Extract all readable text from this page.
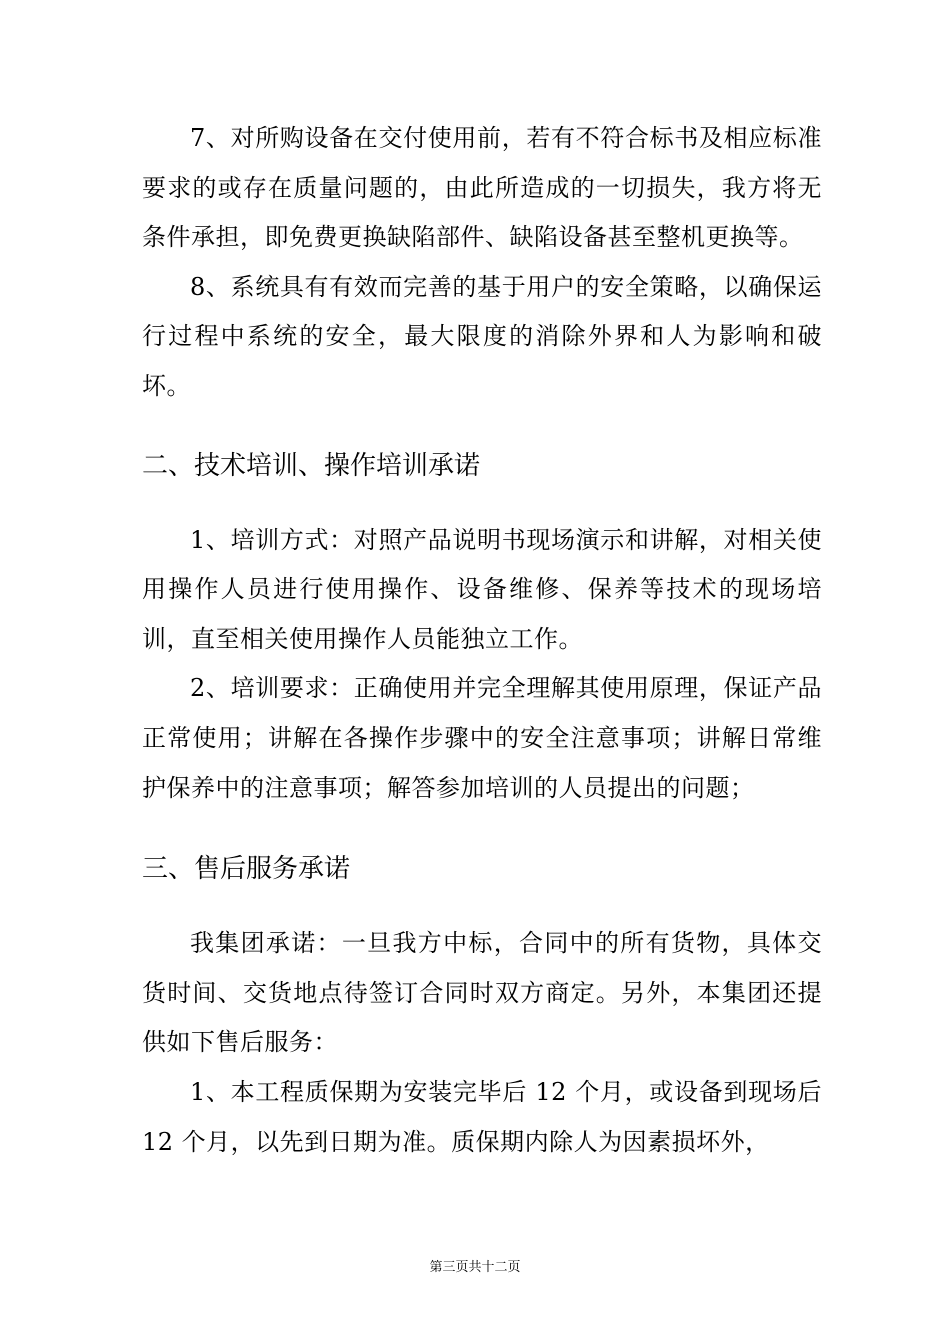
7、对所购设备在交付使用前，若有不符合标书及相应标准要求的或存在质量问题的，由此所造成的一切损失，我方将无条件承担，即免费更换缺陷部件、缺陷设备甚至整机更换等。

8、系统具有有效而完善的基于用户的安全策略，以确保运行过程中系统的安全，最大限度的消除外界和人为影响和破坏。

二、技术培训、操作培训承诺

1、培训方式：对照产品说明书现场演示和讲解，对相关使用操作人员进行使用操作、设备维修、保养等技术的现场培训，直至相关使用操作人员能独立工作。

2、培训要求：正确使用并完全理解其使用原理，保证产品正常使用；讲解在各操作步骤中的安全注意事项；讲解日常维护保养中的注意事项；解答参加培训的人员提出的问题；

三、售后服务承诺

我集团承诺：一旦我方中标，合同中的所有货物，具体交货时间、交货地点待签订合同时双方商定。另外，本集团还提供如下售后服务：

1、本工程质保期为安装完毕后 12 个月，或设备到现场后 12 个月，以先到日期为准。质保期内除人为因素损坏外，

第三页共十二页
